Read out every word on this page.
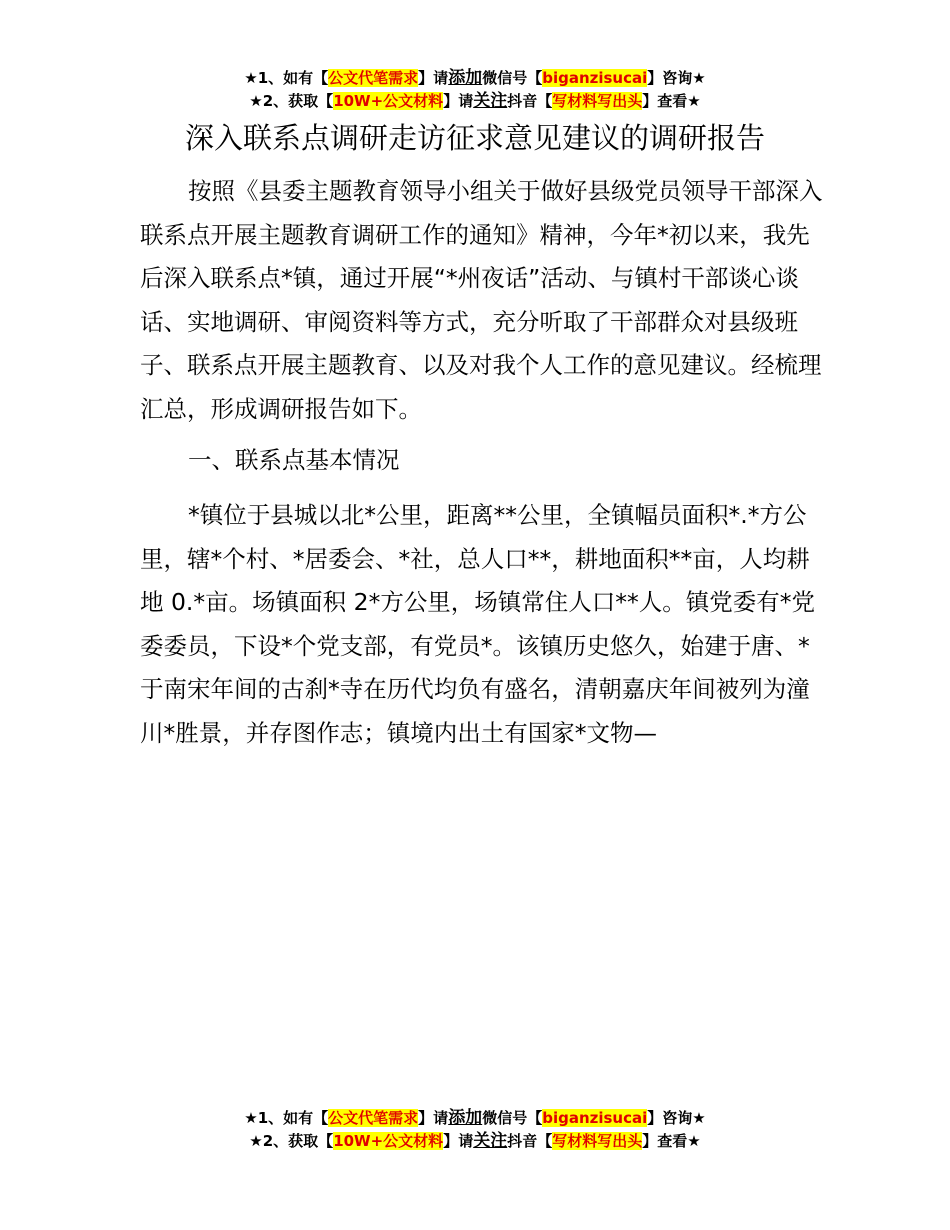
★1、如有【公文代笔需求】请添加微信号【biganzisucai】咨询★
★2、获取【10W+公文材料】请关注抖音【写材料写出头】查看★
深入联系点调研走访征求意见建议的调研报告

按照《县委主题教育领导小组关于做好县级党员领导干部深入联系点开展主题教育调研工作的通知》精神，今年*初以来，我先后深入联系点*镇，通过开展“*州夜话”活动、与镇村干部谈心谈话、实地调研、审阅资料等方式，充分听取了干部群众对县级班子、联系点开展主题教育、以及对我个人工作的意见建议。经梳理汇总，形成调研报告如下。

一、联系点基本情况

*镇位于县城以北*公里，距离**公里，全镇幅员面积*.*方公里，辖*个村、*居委会、*社，总人口**，耕地面积**亩，人均耕地 0.*亩。场镇面积 2*方公里，场镇常住人口**人。镇党委有*党委委员，下设*个党支部，有党员*。该镇历史悠久，始建于唐、*于南宋年间的古刹*寺在历代均负有盛名，清朝嘉庆年间被列为潼川*胜景，并存图作志；镇境内出土有国家*文物—

★1、如有【公文代笔需求】请添加微信号【biganzisucai】咨询★
★2、获取【10W+公文材料】请关注抖音【写材料写出头】查看★
